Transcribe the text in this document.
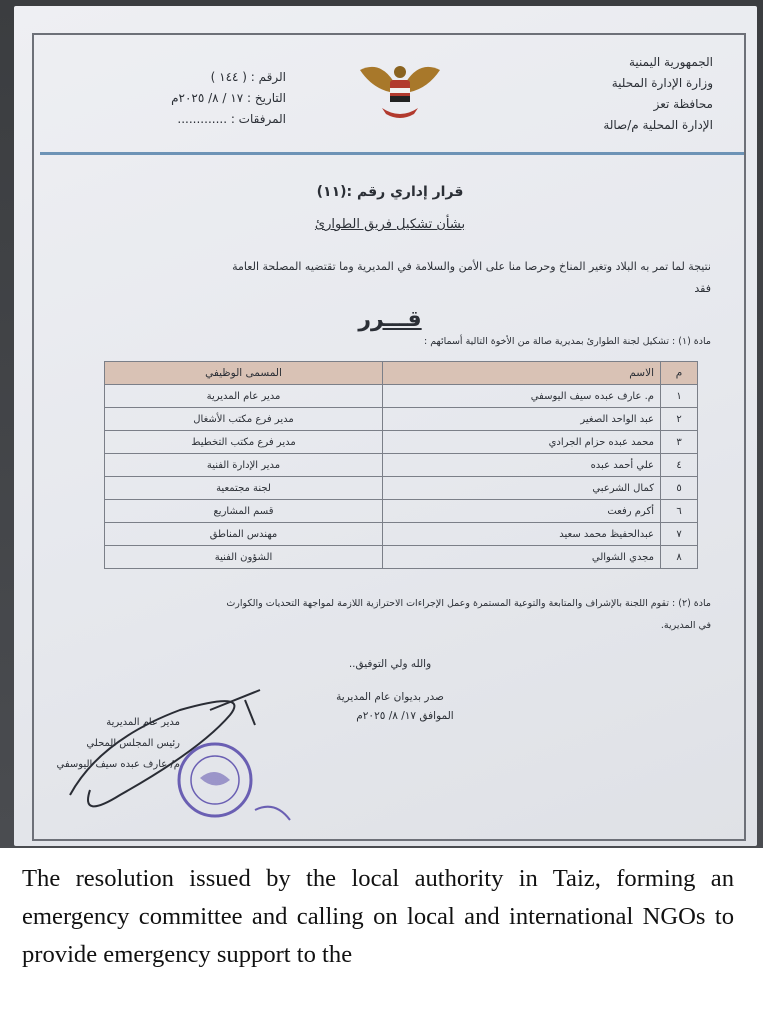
الجمهورية اليمنية
وزارة الإدارة المحلية
محافظة تعز
الإدارة المحلية م/صالة
الرقم : ( ١٤٤ )
التاريخ : ١٧ / ٨/ ٢٠٢٥م
المرفقات : .............
قرار إداري رقم :(١١)
بشأن تشكيل فريق الطوارئ
نتيجة لما تمر به البلاد وتغير المناخ وحرصا منا على الأمن والسلامة في المديرية وما تقتضيه المصلحة العامة
فقد
قـــرر
مادة (١) : تشكيل لجنة الطوارئ بمديرية صالة من الأخوة التالية أسمائهم :
م	الاسم	المسمى الوظيفي
١	م. عارف عبده سيف اليوسفي	مدير عام المديرية
٢	عبد الواحد الصغير	مدير فرع مكتب الأشغال
٣	محمد عبده حزام الجرادي	مدير فرع مكتب التخطيط
٤	علي أحمد عبده	مدير الإدارة الفنية
٥	كمال الشرعبي	لجنة مجتمعية
٦	أكرم رفعت	قسم المشاريع
٧	عبدالحفيظ محمد سعيد	مهندس المناطق
٨	مجدي الشوالي	الشؤون الفنية
مادة (٢) : تقوم اللجنة بالإشراف والمتابعة والتوعية المستمرة وعمل الإجراءات الاحترازية اللازمة لمواجهة التحديات والكوارث
في المديرية.
والله ولي التوفيق..
صدر بديوان عام المديرية
الموافق ١٧/ ٨/ ٢٠٢٥م
مدير عام المديرية
رئيس المجلس المحلي
م/ عارف عبده سيف اليوسفي
The resolution issued by the local authority in Taiz, forming an emergency committee and calling on local and international NGOs to provide emergency support to the
